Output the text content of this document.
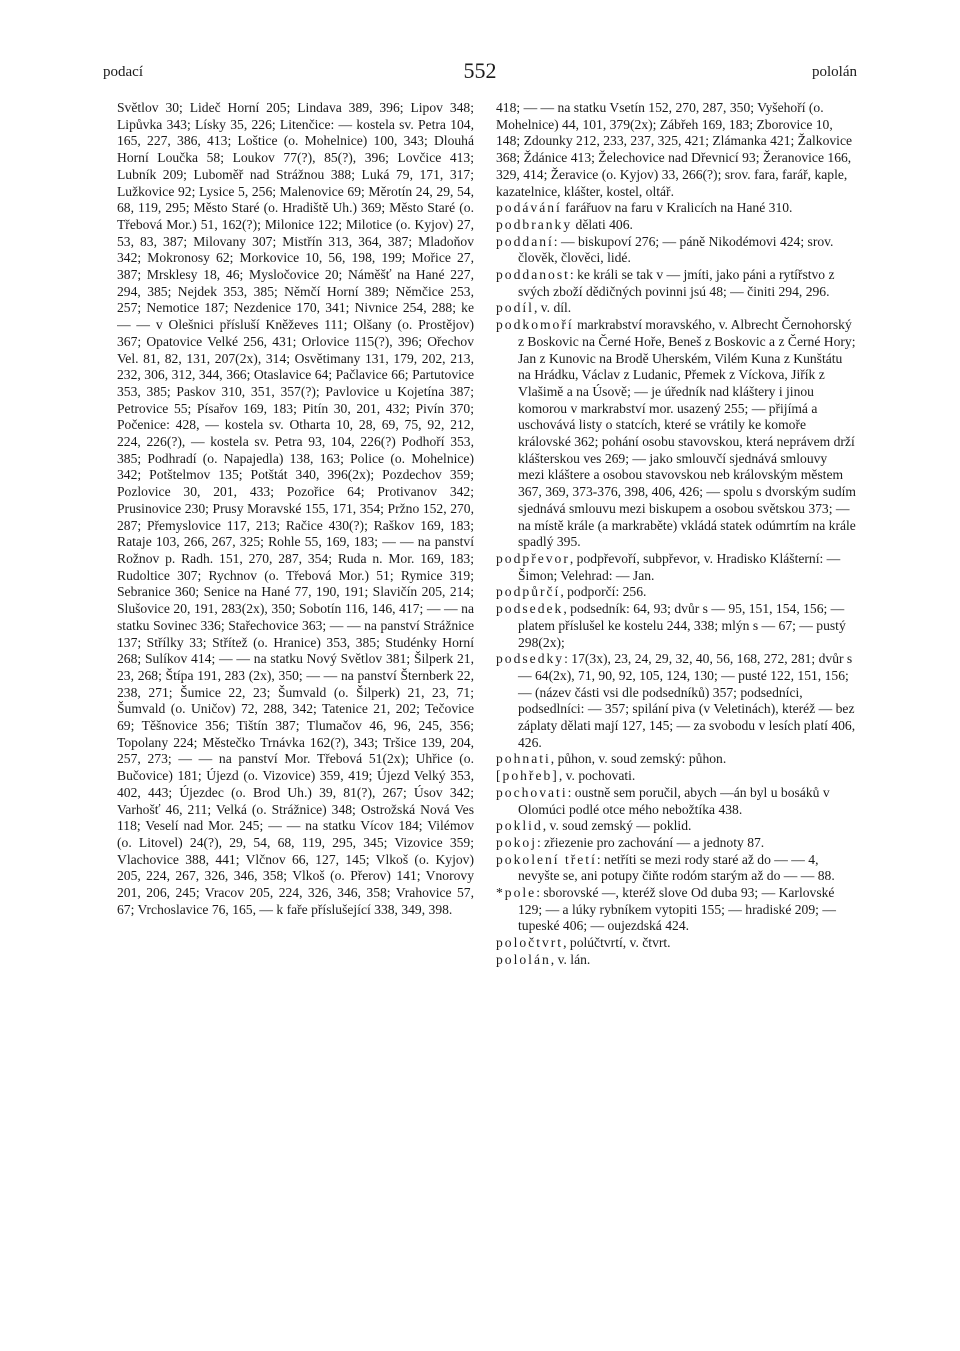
podací	552	pololán

Světlov 30; Lideč Horní 205; Lindava 389, 396; Lipov 348; Lipůvka 343; Lísky 35, 226; Litenčice: — kostela sv. Petra 104, 165, 227, 386, 413; Loštice (o. Mohelnice) 100, 343; Dlouhá Horní Loučka 58; Loukov 77(?), 85(?), 396; Lovčice 413; Lubník 209; Luboměř nad Strážnou 388; Luká 79, 171, 317; Lužkovice 92; Lysice 5, 256; Malenovice 69; Měrotín 24, 29, 54, 68, 119, 295; Město Staré (o. Hradiště Uh.) 369; Město Staré (o. Třebová Mor.) 51, 162(?); Milonice 122; Milotice (o. Kyjov) 27, 53, 83, 387; Milovany 307; Mistřín 313, 364, 387; Mladoňov 342; Mokronosy 62; Morkovice 10, 56, 198, 199; Mořice 27, 387; Mrsklesy 18, 46; Mysločovice 20; Náměšť na Hané 227, 294, 385; Nejdek 353, 385; Němčí Horní 389; Němčice 253, 257; Nemotice 187; Nezdenice 170, 341; Nivnice 254, 288; ke — — v Olešnici přísluší Kněževes 111; Olšany (o. Prostějov) 367; Opatovice Velké 256, 431; Orlovice 115(?), 396; Ořechov Vel. 81, 82, 131, 207(2x), 314; Osvětimany 131, 179, 202, 213, 232, 306, 312, 344, 366; Otaslavice 64; Pačlavice 66; Partutovice 353, 385; Paskov 310, 351, 357(?); Pavlovice u Kojetína 387; Petrovice 55; Písařov 169, 183; Pitín 30, 201, 432; Pivín 370; Počenice: 428, — kostela sv. Otharta 10, 28, 69, 75, 92, 212, 224, 226(?), — kostela sv. Petra 93, 104, 226(?) Podhoří 353, 385; Podhradí (o. Napajedla) 138, 163; Police (o. Mohelnice) 342; Potštelmov 135; Potštát 340, 396(2x); Pozdechov 359; Pozlovice 30, 201, 433; Pozořice 64; Protivanov 342; Prusinovice 230; Prusy Moravské 155, 171, 354; Pržno 152, 270, 287; Přemyslovice 117, 213; Račice 430(?); Raškov 169, 183; Rataje 103, 266, 267, 325; Rohle 55, 169, 183; — — na panství Rožnov p. Radh. 151, 270, 287, 354; Ruda n. Mor. 169, 183; Rudoltice 307; Rychnov (o. Třebová Mor.) 51; Rymice 319; Sebranice 360; Senice na Hané 77, 190, 191; Slavičín 205, 214; Slušovice 20, 191, 283(2x), 350; Sobotín 116, 146, 417; — — na statku Sovinec 336; Stařechovice 363; — — na panství Strážnice 137; Střílky 33; Střítež (o. Hranice) 353, 385; Studénky Horní 268; Sulíkov 414; — — na statku Nový Světlov 381; Šilperk 21, 23, 268; Štípa 191, 283 (2x), 350; — — na panství Šternberk 22, 238, 271; Šumice 22, 23; Šumvald (o. Šilperk) 21, 23, 71; Šumvald (o. Uničov) 72, 288, 342; Tatenice 21, 202; Tečovice 69; Těšnovice 356; Tištín 387; Tlumačov 46, 96, 245, 356; Topolany 224; Městečko Trnávka 162(?), 343; Tršice 139, 204, 257, 273; — — na panství Mor. Třebová 51(2x); Uhřice (o. Bučovice) 181; Újezd (o. Vizovice) 359, 419; Újezd Velký 353, 402, 443; Újezdec (o. Brod Uh.) 39, 81(?), 267; Úsov 342; Varhošť 46, 211; Velká (o. Strážnice) 348; Ostrožská Nová Ves 118; Veselí nad Mor. 245; — — na statku Vícov 184; Vilémov (o. Litovel) 24(?), 29, 54, 68, 119, 295, 345; Vizovice 359; Vlachovice 388, 441; Vlčnov 66, 127, 145; Vlkoš (o. Kyjov) 205, 224, 267, 326, 346, 358; Vlkoš (o. Přerov) 141; Vnorovy 201, 206, 245; Vracov 205, 224, 326, 346, 358; Vrahovice 57, 67; Vrchoslavice 76, 165, — k faře příslušející 338, 349, 398.

418; — — na statku Vsetín 152, 270, 287, 350; Vyšehoří (o. Mohelnice) 44, 101, 379(2x); Zábřeh 169, 183; Zborovice 10, 148; Zdounky 212, 233, 237, 325, 421; Zlámanka 421; Žalkovice 368; Ždánice 413; Želechovice nad Dřevnicí 93; Žeranovice 166, 329, 414; Žeravice (o. Kyjov) 33, 266(?); srov. fara, farář, kaple, kazatelnice, klášter, kostel, oltář.

podávání farářuov na faru v Kralicích na Hané 310.

podbranky dělati 406.

poddaní: — biskupoví 276; — páně Nikodémovi 424; srov. člověk, člověci, lidé.

poddanost: ke králi se tak v — jmíti, jako páni a rytířstvo z svých zboží dědičných povinni jsú 48; — činiti 294, 296.

podíl, v. díl.

podkomoří markrabství moravského, v. Albrecht Černohorský z Boskovic na Černé Hoře, Beneš z Boskovic a z Černé Hory; Jan z Kunovic na Brodě Uherském, Vilém Kuna z Kunštátu na Hrádku, Václav z Ludanic, Přemek z Víckova, Jiřík z Vlašimě a na Úsově; — je úředník nad kláštery i jinou komorou v markrabství mor. usazený 255; — přijímá a uschovává listy o statcích, které se vrátily ke komoře královské 362; pohání osobu stavovskou, která neprávem drží klášterskou ves 269; — jako smlouvčí sjednává smlouvy mezi kláštere a osobou stavovskou neb královským městem 367, 369, 373-376, 398, 406, 426; — spolu s dvorským sudím sjednává smlouvu mezi biskupem a osobou světskou 373; — na místě krále (a markraběte) vkládá statek odúmrtím na krále spadlý 395.

podpřevor, podpřevoří, subpřevor, v. Hradisko Klášterní: — Šimon; Velehrad: — Jan.

podpůrčí, podporčí: 256.

podsedek, podsedník: 64, 93; dvůr s — 95, 151, 154, 156; — platem příslušel ke kostelu 244, 338; mlýn s — 67; — pustý 298(2x);

podsedky: 17(3x), 23, 24, 29, 32, 40, 56, 168, 272, 281; dvůr s — 64(2x), 71, 90, 92, 105, 124, 130; — pusté 122, 151, 156; — (název části vsi dle podsedníků) 357; podsedníci, podsedlníci: — 357; spilání piva (v Veletinách), kteréž — bez záplaty dělati mají 127, 145; — za svobodu v lesích platí 406, 426.

pohnati, půhon, v. soud zemský: půhon.

[pohřeb], v. pochovati.

pochovati: oustně sem poručil, abych —án byl u bosáků v Olomúci podlé otce mého nebožtíka 438.

poklid, v. soud zemský — poklid.

pokoj: zřiezenie pro zachování — a jednoty 87.

pokolení třetí: netříti se mezi rody staré až do — — 4, nevyšte se, ani potupy čiňte rodóm starým až do — — 88.

*pole: sborovské —, kteréž slove Od duba 93; — Karlovské 129; — a lúky rybníkem vytopiti 155; — hradiské 209; — tupeské 406; — oujezdská 424.

poločtvrt, polúčtvrtí, v. čtvrt.

pololán, v. lán.
